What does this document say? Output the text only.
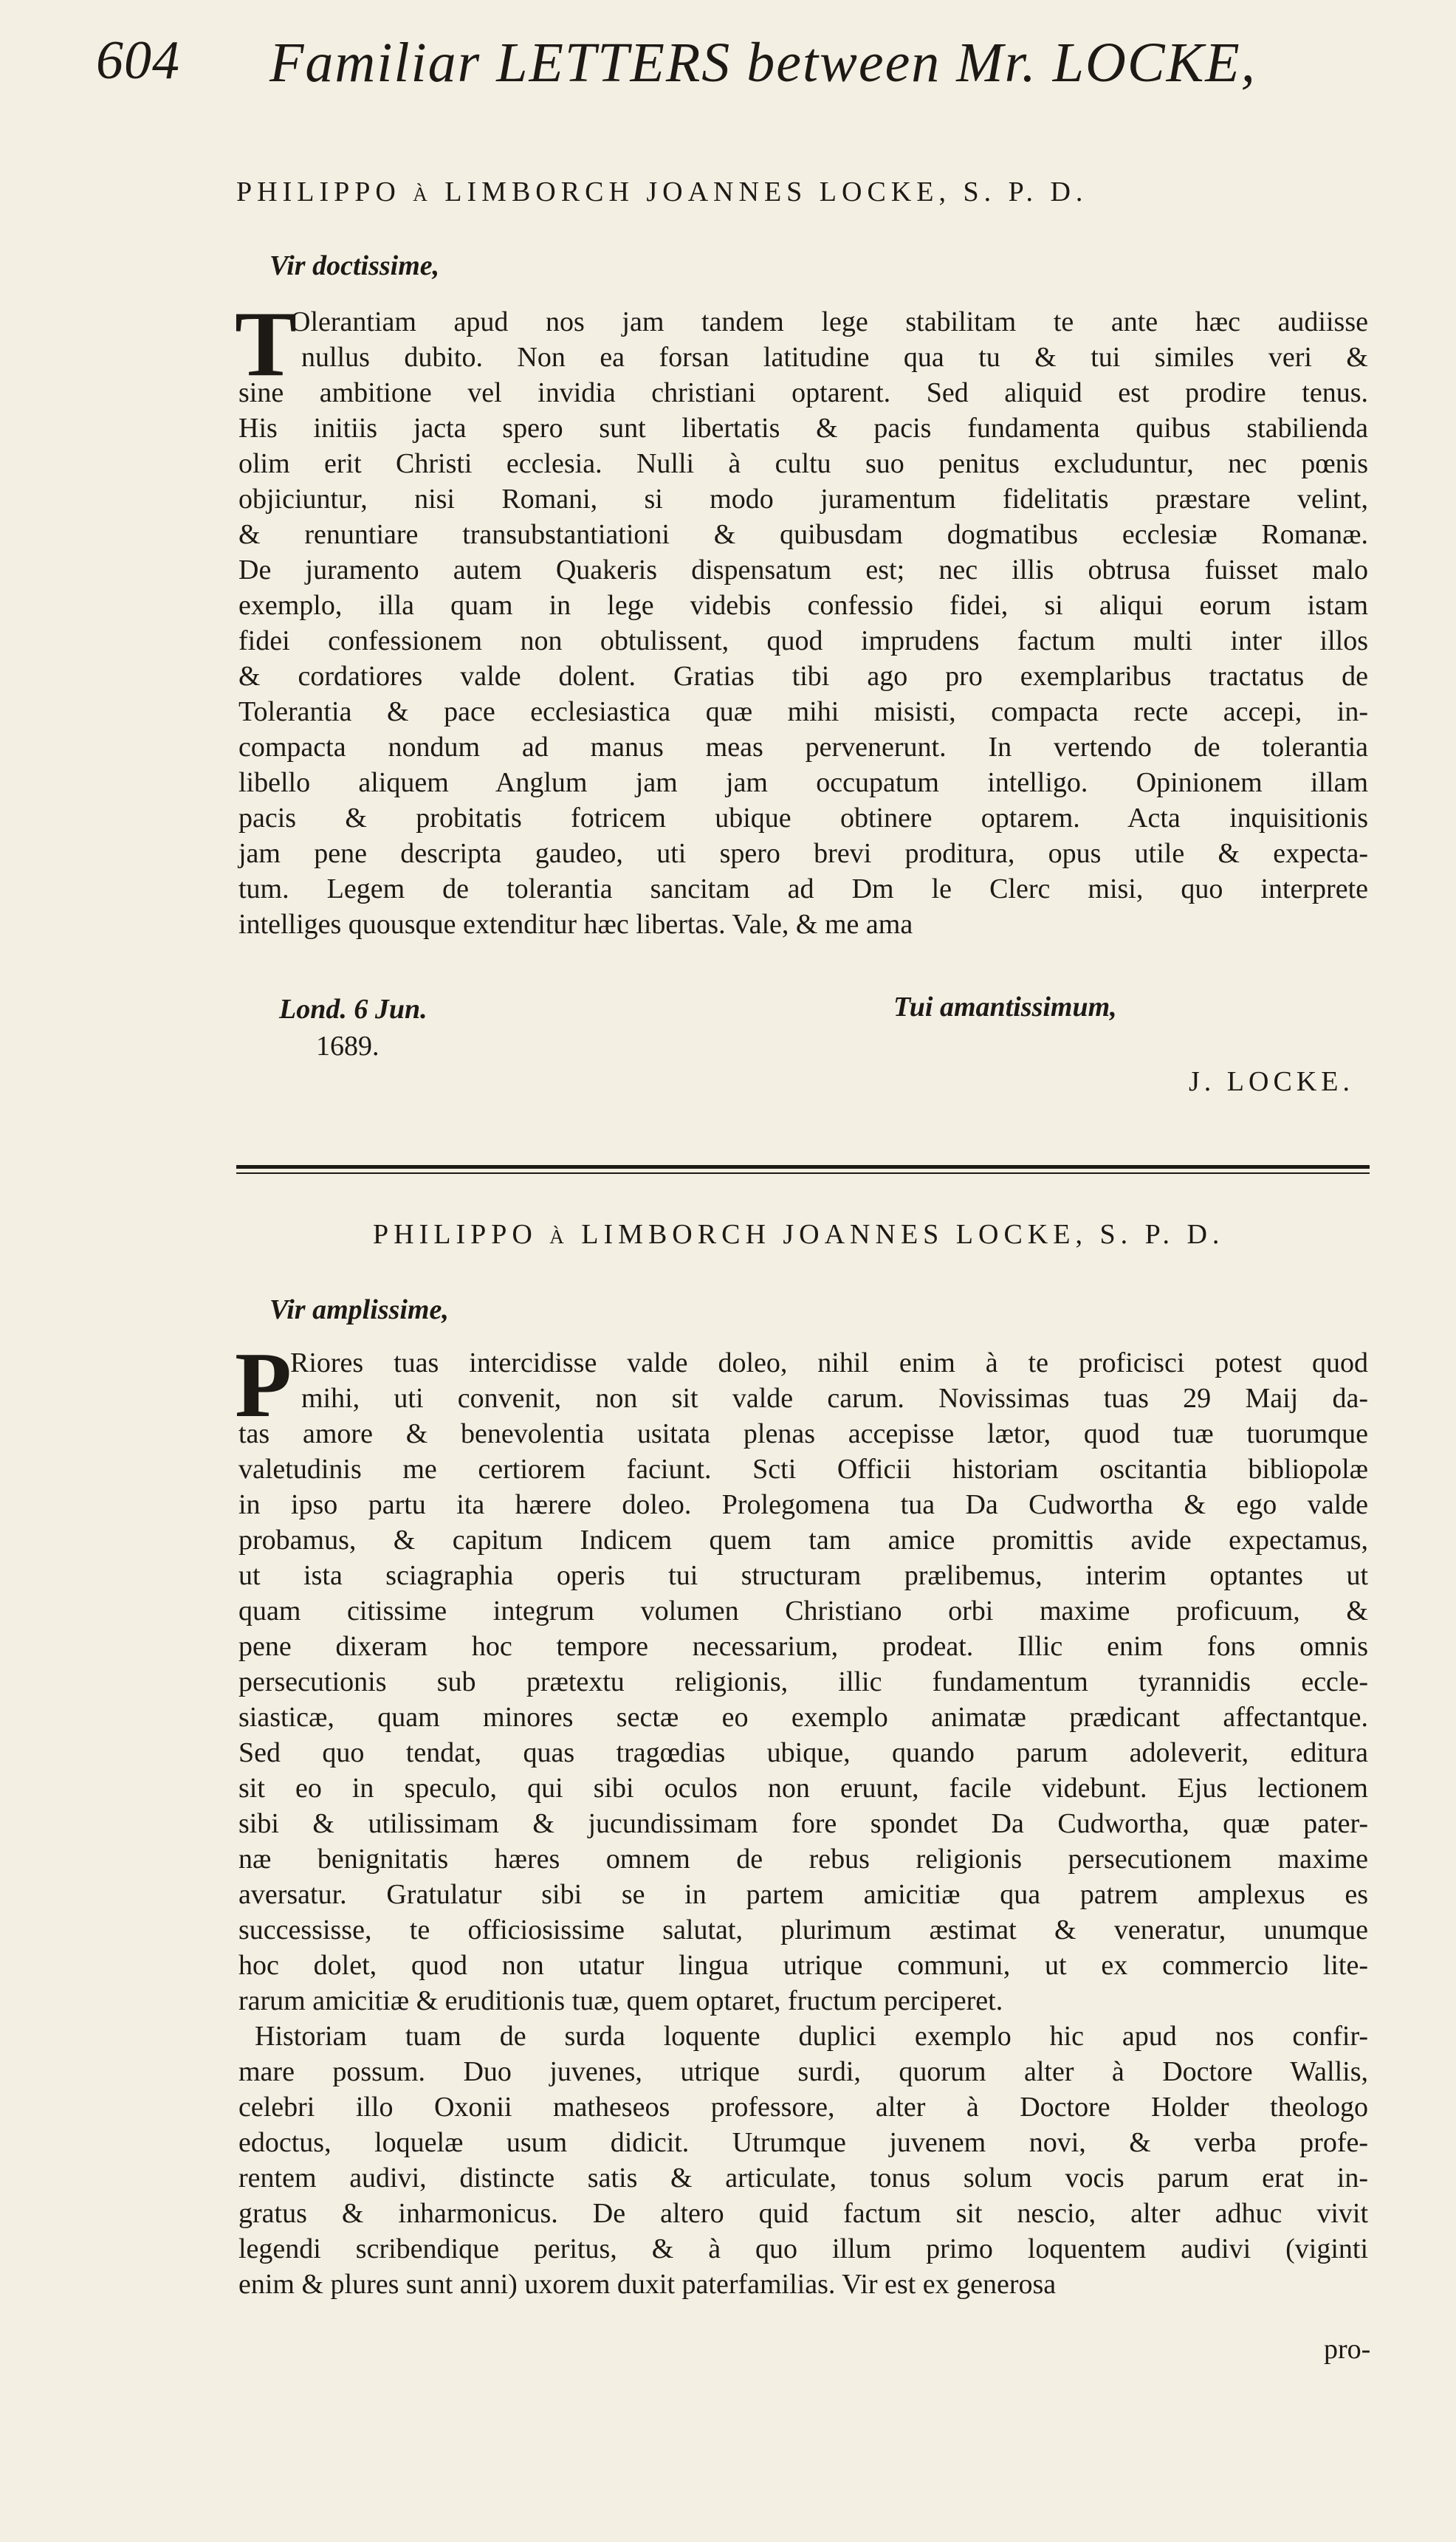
604 Familiar LETTERS between Mr. LOCKE,
PHILIPPO à LIMBORCH JOANNES LOCKE, S. P. D.
Vir doctissime,
T
Olerantiam apud nos jam tandem lege stabilitam te ante hæc audiisse
nullus dubito. Non ea forsan latitudine qua tu & tui similes veri &
sine ambitione vel invidia christiani optarent. Sed aliquid est prodire tenus.
His initiis jacta spero sunt libertatis & pacis fundamenta quibus stabilienda
olim erit Christi ecclesia. Nulli à cultu suo penitus excluduntur, nec pœnis
objiciuntur, nisi Romani, si modo juramentum fidelitatis præstare velint,
& renuntiare transubstantiationi & quibusdam dogmatibus ecclesiæ Romanæ.
De juramento autem Quakeris dispensatum est; nec illis obtrusa fuisset malo
exemplo, illa quam in lege videbis confessio fidei, si aliqui eorum istam
fidei confessionem non obtulissent, quod imprudens factum multi inter illos
& cordatiores valde dolent. Gratias tibi ago pro exemplaribus tractatus de
Tolerantia & pace ecclesiastica quæ mihi misisti, compacta recte accepi, in-
compacta nondum ad manus meas pervenerunt. In vertendo de tolerantia
libello aliquem Anglum jam jam occupatum intelligo. Opinionem illam
pacis & probitatis fotricem ubique obtinere optarem. Acta inquisitionis
jam pene descripta gaudeo, uti spero brevi proditura, opus utile & expecta-
tum. Legem de tolerantia sancitam ad Dm le Clerc misi, quo interprete
intelliges quousque extenditur hæc libertas. Vale, & me ama
Lond. 6 Jun.
1689.
Tui amantissimum,
J. LOCKE.
PHILIPPO à LIMBORCH JOANNES LOCKE, S. P. D.
Vir amplissime,
P
Riores tuas intercidisse valde doleo, nihil enim à te proficisci potest quod
mihi, uti convenit, non sit valde carum. Novissimas tuas 29 Maij da-
tas amore & benevolentia usitata plenas accepisse lætor, quod tuæ tuorumque
valetudinis me certiorem faciunt. Scti Officii historiam oscitantia bibliopolæ
in ipso partu ita hærere doleo. Prolegomena tua Da Cudwortha & ego valde
probamus, & capitum Indicem quem tam amice promittis avide expectamus,
ut ista sciagraphia operis tui structuram prælibemus, interim optantes ut
quam citissime integrum volumen Christiano orbi maxime proficuum, &
pene dixeram hoc tempore necessarium, prodeat. Illic enim fons omnis
persecutionis sub prætextu religionis, illic fundamentum tyrannidis eccle-
siasticæ, quam minores sectæ eo exemplo animatæ prædicant affectantque.
Sed quo tendat, quas tragœdias ubique, quando parum adoleverit, editura
sit eo in speculo, qui sibi oculos non eruunt, facile videbunt. Ejus lectionem
sibi & utilissimam & jucundissimam fore spondet Da Cudwortha, quæ pater-
næ benignitatis hæres omnem de rebus religionis persecutionem maxime
aversatur. Gratulatur sibi se in partem amicitiæ qua patrem amplexus es
successisse, te officiosissime salutat, plurimum æstimat & veneratur, unumque
hoc dolet, quod non utatur lingua utrique communi, ut ex commercio lite-
rarum amicitiæ & eruditionis tuæ, quem optaret, fructum perciperet.
Historiam tuam de surda loquente duplici exemplo hic apud nos confir-
mare possum. Duo juvenes, utrique surdi, quorum alter à Doctore Wallis,
celebri illo Oxonii matheseos professore, alter à Doctore Holder theologo
edoctus, loquelæ usum didicit. Utrumque juvenem novi, & verba profe-
rentem audivi, distincte satis & articulate, tonus solum vocis parum erat in-
gratus & inharmonicus. De altero quid factum sit nescio, alter adhuc vivit
legendi scribendique peritus, & à quo illum primo loquentem audivi (viginti
enim & plures sunt anni) uxorem duxit paterfamilias. Vir est ex generosa
pro-
